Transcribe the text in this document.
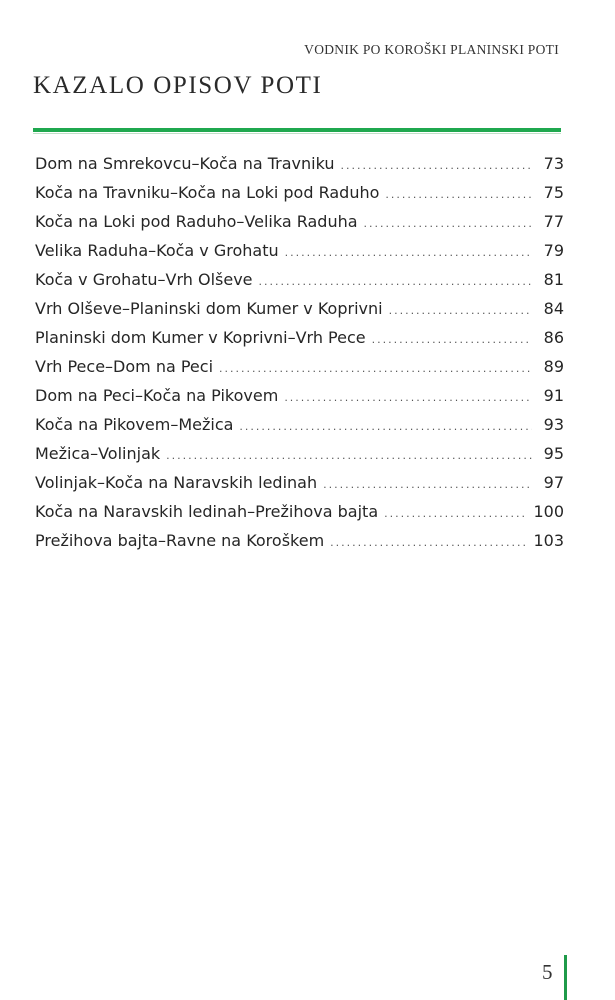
VODNIK PO KOROŠKI PLANINSKI POTI
KAZALO OPISOV POTI
Dom na Smrekovcu–Koča na Travniku .....	73
Koča na Travniku–Koča na Loki pod Raduho .....	75
Koča na Loki pod Raduho–Velika Raduha .....	77
Velika Raduha–Koča v Grohatu .....	79
Koča v Grohatu–Vrh Olševe .....	81
Vrh Olševe–Planinski dom Kumer v Koprivni .....	84
Planinski dom Kumer v Koprivni–Vrh Pece .....	86
Vrh Pece–Dom na Peci .....	89
Dom na Peci–Koča na Pikovem .....	91
Koča na Pikovem–Mežica .....	93
Mežica–Volinjak .....	95
Volinjak–Koča na Naravskih ledinah .....	97
Koča na Naravskih ledinah–Prežihova bajta .....	100
Prežihova bajta–Ravne na Koroškem .....	103
5
